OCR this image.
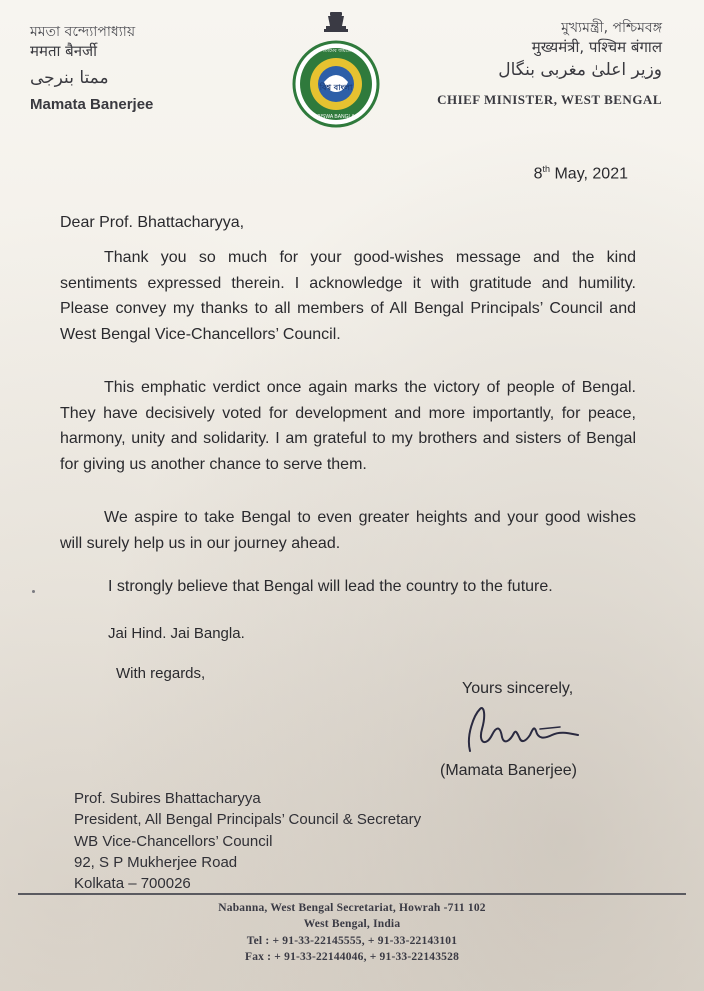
মমতা বন্দ্যোপাধ্যায়
ममता बैनर्जी
ممتا بنرجی
Mamata Banerjee
বিশ্ব বাংলা
BISWA BANGLA
সত্যমেব জয়তে
মুখ্যমন্ত্রী, পশ্চিমবঙ্গ
मुख्यमंत्री, पश्चिम बंगाल
وزیر اعلیٰ مغربی بنگال
CHIEF MINISTER, WEST BENGAL
8th May, 2021
Dear Prof. Bhattacharyya,

Thank you so much for your good-wishes message and the kind sentiments expressed therein. I acknowledge it with gratitude and humility. Please convey my thanks to all members of All Bengal Principals’ Council and West Bengal Vice-Chancellors’ Council.

This emphatic verdict once again marks the victory of people of Bengal. They have decisively voted for development and more importantly, for peace, harmony, unity and solidarity. I am grateful to my brothers and sisters of Bengal for giving us another chance to serve them.

We aspire to take Bengal to even greater heights and your good wishes will surely help us in our journey ahead.

I strongly believe that Bengal will lead the country to the future.
Jai Hind. Jai Bangla.
With regards,
Yours sincerely,
(Mamata Banerjee)
Prof. Subires Bhattacharyya
President, All Bengal Principals’ Council & Secretary
WB Vice-Chancellors’ Council
92, S P Mukherjee Road
Kolkata – 700026
Nabanna, West Bengal Secretariat, Howrah -711 102
West Bengal, India
Tel : + 91-33-22145555, + 91-33-22143101
Fax : + 91-33-22144046, + 91-33-22143528
